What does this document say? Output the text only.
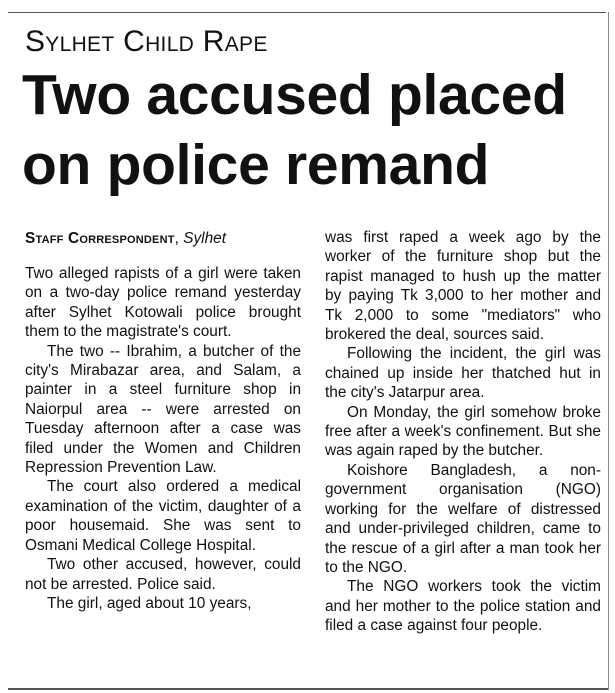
Sylhet Child Rape
Two accused placed
on police remand
Staff Correspondent, Sylhet

Two alleged rapists of a girl were taken on a two-day police remand yesterday after Sylhet Kotowali police brought them to the magistrate's court.

The two -- Ibrahim, a butcher of the city's Mirabazar area, and Salam, a painter in a steel furniture shop in Naiorpul area -- were arrested on Tuesday afternoon after a case was filed under the Women and Children Repression Prevention Law.

The court also ordered a medical examination of the victim, daughter of a poor housemaid. She was sent to Osmani Medical College Hospital.

Two other accused, however, could not be arrested. Police said.

The girl, aged about 10 years,

was first raped a week ago by the worker of the furniture shop but the rapist managed to hush up the matter by paying Tk 3,000 to her mother and Tk 2,000 to some "mediators" who brokered the deal, sources said.

Following the incident, the girl was chained up inside her thatched hut in the city's Jatarpur area.

On Monday, the girl somehow broke free after a week's confinement. But she was again raped by the butcher.

Koishore Bangladesh, a non-government organisation (NGO) working for the welfare of distressed and under-privileged children, came to the rescue of a girl after a man took her to the NGO.

The NGO workers took the victim and her mother to the police station and filed a case against four people.
